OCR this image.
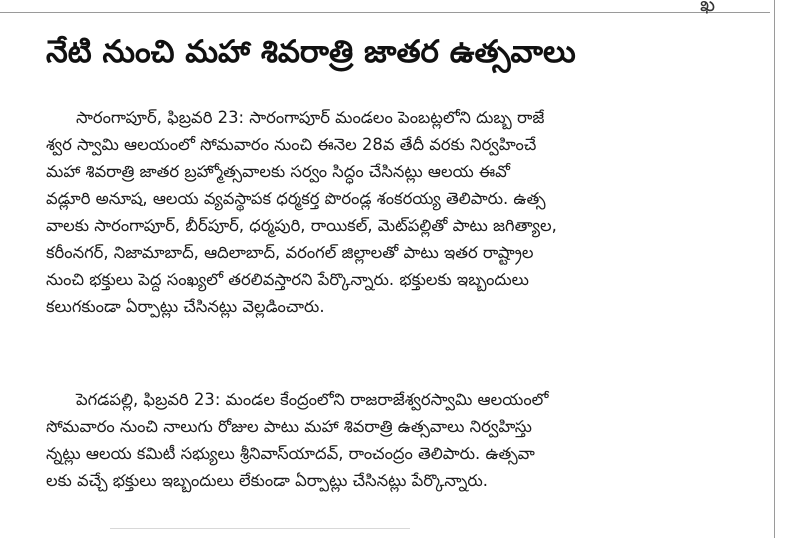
ఖ
నేటి నుంచి మహా శివరాత్రి జాతర ఉత్సవాలు
సారంగాపూర్, ఫిబ్రవరి 23: సారంగాపూర్ మండలం పెంబట్లలోని దుబ్బ రాజే
శ్వర స్వామి ఆలయంలో సోమవారం నుంచి ఈనెల 28వ తేదీ వరకు నిర్వహించే
మహా శివరాత్రి జాతర బ్రహ్మోత్సవాలకు సర్వం సిద్ధం చేసినట్లు ఆలయ ఈవో
వడ్లూరి అనూష, ఆలయ వ్యవస్థాపక ధర్మకర్త పొరండ్ల శంకరయ్య తెలిపారు. ఉత్స
వాలకు సారంగాపూర్, బీర్‌పూర్, ధర్మపురి, రాయికల్, మెట్‌పల్లితో పాటు జగిత్యాల,
కరీంనగర్, నిజామాబాద్, ఆదిలాబాద్, వరంగల్ జిల్లాలతో పాటు ఇతర రాష్ట్రాల
నుంచి భక్తులు పెద్ద సంఖ్యలో తరలివస్తారని పేర్కొన్నారు. భక్తులకు ఇబ్బందులు
కలుగకుండా ఏర్పాట్లు చేసినట్లు వెల్లడించారు.
పెగడపల్లి, ఫిబ్రవరి 23: మండల కేంద్రంలోని రాజరాజేశ్వరస్వామి ఆలయంలో
సోమవారం నుంచి నాలుగు రోజుల పాటు మహా శివరాత్రి ఉత్సవాలు నిర్వహిస్తు
న్నట్లు ఆలయ కమిటీ సభ్యులు శ్రీనివాస్‌యాదవ్, రాంచంద్రం తెలిపారు. ఉత్సవా
లకు వచ్చే భక్తులు ఇబ్బందులు లేకుండా ఏర్పాట్లు చేసినట్లు పేర్కొన్నారు.
